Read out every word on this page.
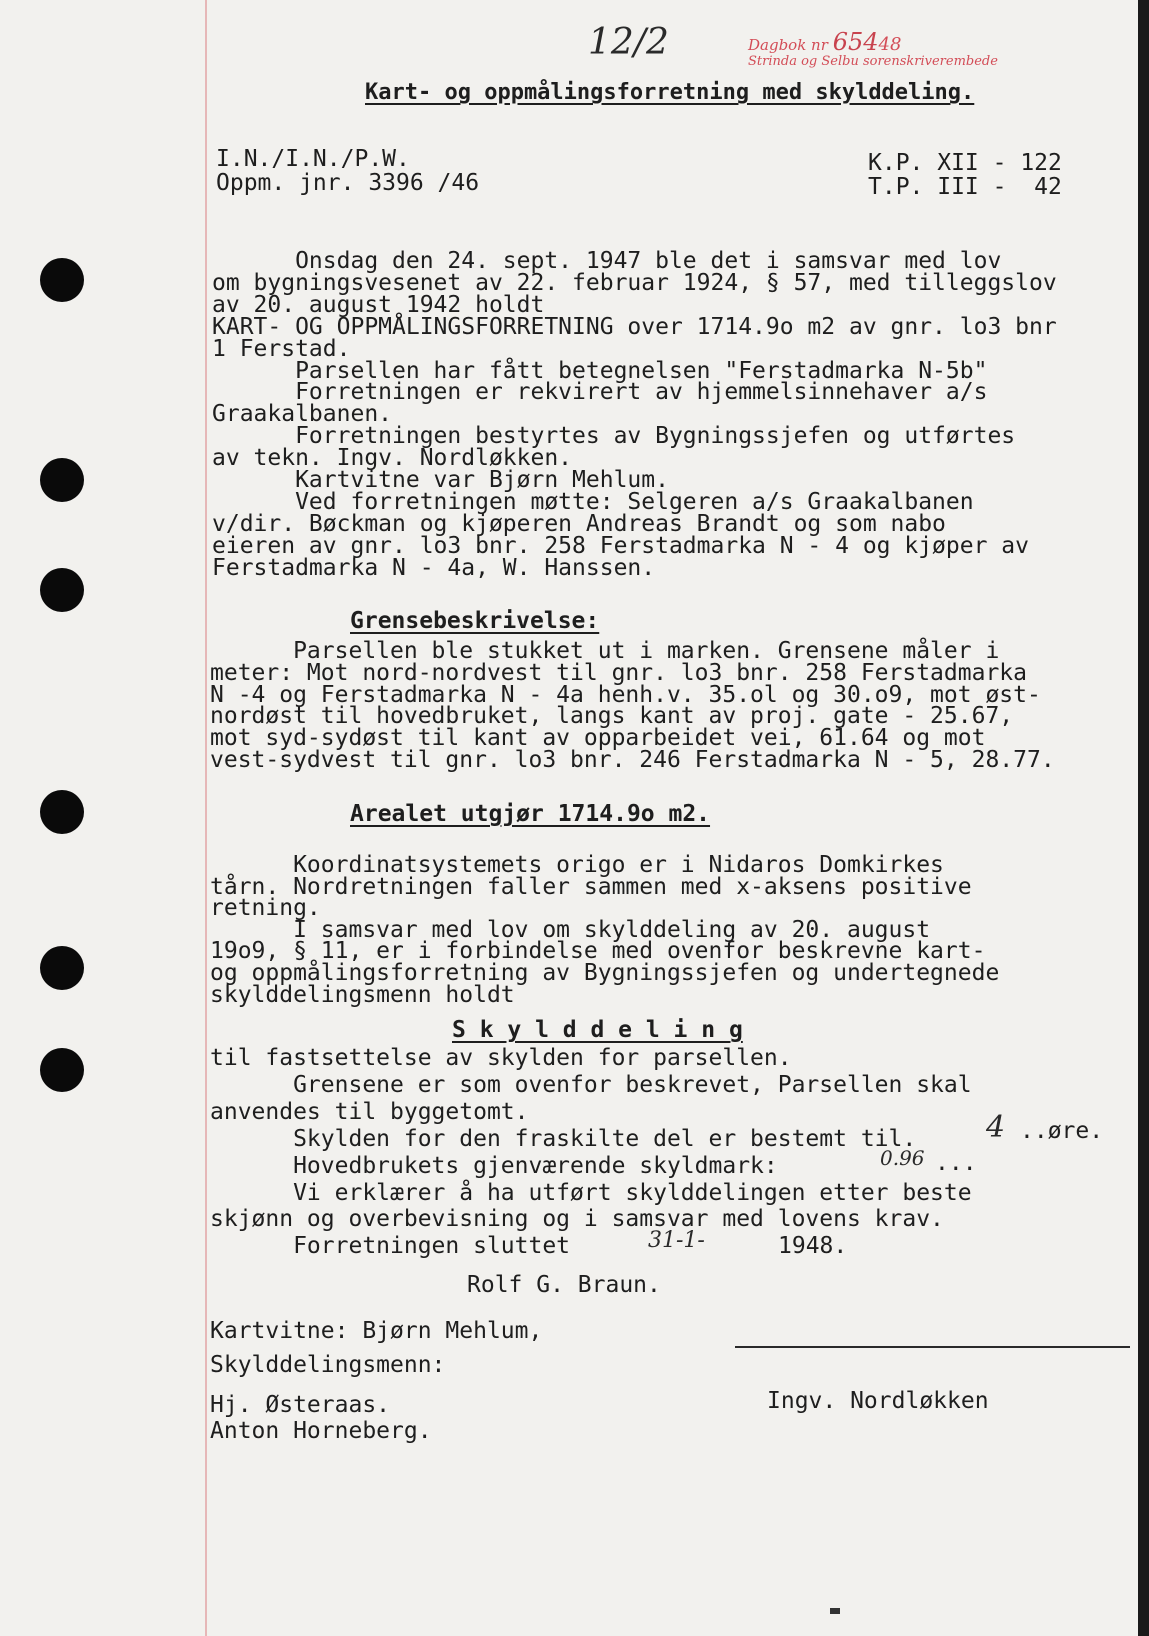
12/2	Dagbok nr 65448
Strinda og Selbu sorenskriverembede
Kart- og oppmålingsforretning med skylddeling.
I.N./I.N./P.W.
Oppm. jnr. 3396 /46
K.P. XII - 122
T.P. III -  42
Onsdag den 24. sept. 1947 ble det i samsvar med lov
om bygningsvesenet av 22. februar 1924, § 57, med tilleggslov
av 20. august 1942 holdt
KART- OG OPPMÅLINGSFORRETNING over 1714.9o m2 av gnr. lo3 bnr
1 Ferstad.
Parsellen har fått betegnelsen "Ferstadmarka N-5b"
Forretningen er rekvirert av hjemmelsinnehaver a/s
Graakalbanen.
Forretningen bestyrtes av Bygningssjefen og utførtes
av tekn. Ingv. Nordløkken.
Kartvitne var Bjørn Mehlum.
Ved forretningen møtte: Selgeren a/s Graakalbanen
v/dir. Bøckman og kjøperen Andreas Brandt og som nabo
eieren av gnr. lo3 bnr. 258 Ferstadmarka N - 4 og kjøper av
Ferstadmarka N - 4a, W. Hanssen.
Grensebeskrivelse:
Parsellen ble stukket ut i marken. Grensene måler i
meter: Mot nord-nordvest til gnr. lo3 bnr. 258 Ferstadmarka
N -4 og Ferstadmarka N - 4a henh.v. 35.ol og 30.o9, mot øst-
nordøst til hovedbruket, langs kant av proj. gate - 25.67,
mot syd-sydøst til kant av opparbeidet vei, 61.64 og mot
vest-sydvest til gnr. lo3 bnr. 246 Ferstadmarka N - 5, 28.77.
Arealet utgjør 1714.9o m2.
Koordinatsystemets origo er i Nidaros Domkirkes
tårn. Nordretningen faller sammen med x-aksens positive
retning.
I samsvar med lov om skylddeling av 20. august
19o9, § 11, er i forbindelse med ovenfor beskrevne kart-
og oppmålingsforretning av Bygningssjefen og undertegnede
skylddelingsmenn holdt
S k y l d d e l i n g
til fastsettelse av skylden for parsellen.
Grensene er som ovenfor beskrevet, Parsellen skal
anvendes til byggetomt.
Skylden for den fraskilte del er bestemt til.
Hovedbrukets gjenværende skyldmark:
Vi erklærer å ha utført skylddelingen etter beste
skjønn og overbevisning og i samsvar med lovens krav.
Forretningen sluttet
4 ..øre.
0.96 ...
31-1-	1948.
Rolf G. Braun.
Kartvitne: Bjørn Mehlum,
Skylddelingsmenn:
Hj. Østeraas.
Anton Horneberg.
Ingv. Nordløkken
